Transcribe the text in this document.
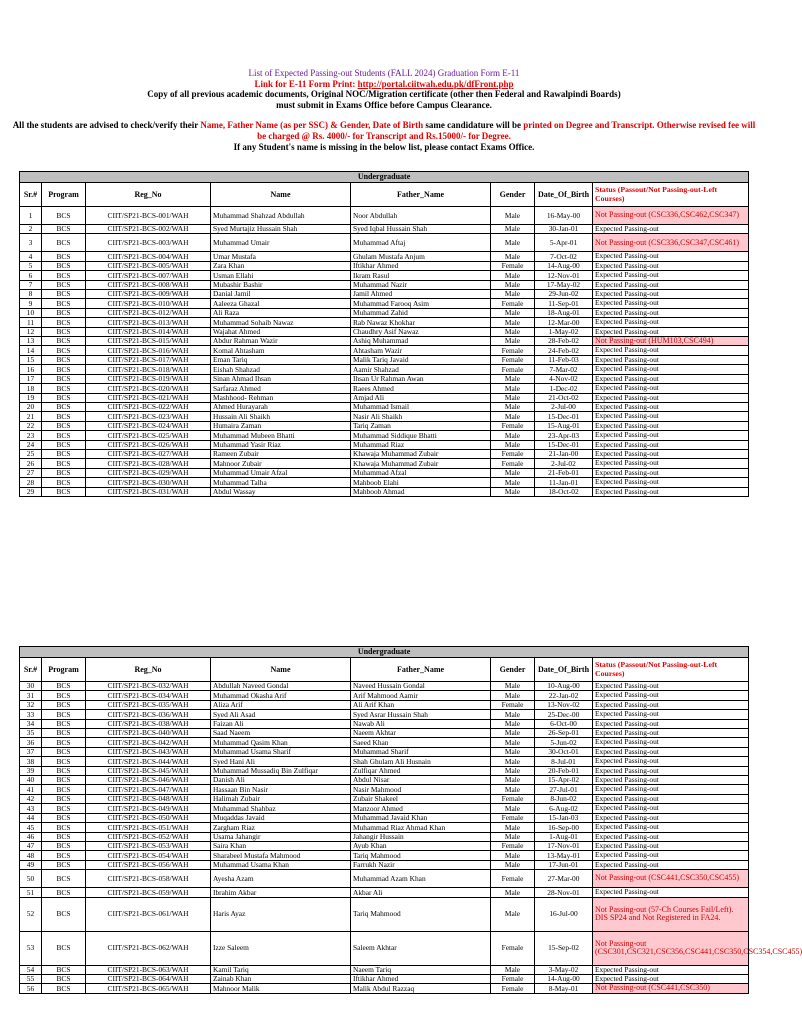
List of Expected Passing-out Students (FALL 2024) Graduation Form E-11
Link for E-11 Form Print: http://portal.ciitwah.edu.pk/dfFront.php
Copy of all previous academic documents, Original NOC/Migration certificate (other then Federal and Rawalpindi Boards)
must submit in Exams Office before Campus Clearance.
All the students are advised to check/verify their Name, Father Name (as per SSC) & Gender, Date of Birth same candidature will be printed on Degree and Transcript. Otherwise revised fee will be charged @ Rs. 4000/- for Transcript and Rs.15000/- for Degree.
If any Student's name is missing in the below list, please contact Exams Office.
Undergraduate							
Sr.#	Program	Reg_No	Name	Father_Name	Gender	Date_Of_Birth	Status (Passout/Not Passing-out-Left Courses)
1	BCS	CIIT/SP21-BCS-001/WAH	Muhammad Shahzad Abdullah	Noor Abdullah	Male	16-May-00	Not Passing-out (CSC336,CSC462,CSC347)
2	BCS	CIIT/SP21-BCS-002/WAH	Syed Murtajiz Hussain Shah	Syed Iqbal Hussain Shah	Male	30-Jan-01	Expected Passing-out
3	BCS	CIIT/SP21-BCS-003/WAH	Muhammad Umair	Muhammad Aftaj	Male	5-Apr-01	Not Passing-out (CSC336,CSC347,CSC461)
4	BCS	CIIT/SP21-BCS-004/WAH	Umar Mustafa	Ghulam Mustafa Anjum	Male	7-Oct-02	Expected Passing-out
5	BCS	CIIT/SP21-BCS-005/WAH	Zara Khan	Iftikhar Ahmed	Female	14-Aug-00	Expected Passing-out
6	BCS	CIIT/SP21-BCS-007/WAH	Usman Ellahi	Ikram Rasul	Male	12-Nov-01	Expected Passing-out
7	BCS	CIIT/SP21-BCS-008/WAH	Mubashir Bashir	Muhammad Nazir	Male	17-May-02	Expected Passing-out
8	BCS	CIIT/SP21-BCS-009/WAH	Danial Jamil	Jamil Ahmed	Male	29-Jun-02	Expected Passing-out
9	BCS	CIIT/SP21-BCS-010/WAH	Aaleeza Ghazal	Muhammad Farooq Asim	Female	11-Sep-01	Expected Passing-out
10	BCS	CIIT/SP21-BCS-012/WAH	Ali Raza	Muhammad Zahid	Male	18-Aug-01	Expected Passing-out
11	BCS	CIIT/SP21-BCS-013/WAH	Muhammad Sohaib Nawaz	Rab Nawaz Khokhar	Male	12-Mar-00	Expected Passing-out
12	BCS	CIIT/SP21-BCS-014/WAH	Wajahat Ahmed	Chaudhry Asif Nawaz	Male	1-May-02	Expected Passing-out
13	BCS	CIIT/SP21-BCS-015/WAH	Abdur Rahman Wazir	Ashiq Muhammad	Male	28-Feb-02	Not Passing-out (HUM103,CSC494)
14	BCS	CIIT/SP21-BCS-016/WAH	Komal Ahtasham	Ahtasham Wazir	Female	24-Feb-02	Expected Passing-out
15	BCS	CIIT/SP21-BCS-017/WAH	Eman Tariq	Malik Tariq Javaid	Female	11-Feb-03	Expected Passing-out
16	BCS	CIIT/SP21-BCS-018/WAH	Eishah Shahzad	Aamir Shahzad	Female	7-Mar-02	Expected Passing-out
17	BCS	CIIT/SP21-BCS-019/WAH	Sinan Ahmad Ihsan	Ihsan Ur Rahman Awan	Male	4-Nov-02	Expected Passing-out
18	BCS	CIIT/SP21-BCS-020/WAH	Sarfaraz Ahmed	Raees Ahmed	Male	1-Dec-02	Expected Passing-out
19	BCS	CIIT/SP21-BCS-021/WAH	Mashhood- Rehman	Amjad Ali	Male	21-Oct-02	Expected Passing-out
20	BCS	CIIT/SP21-BCS-022/WAH	Ahmed Hurayarah	Muhammad Ismail	Male	2-Jul-00	Expected Passing-out
21	BCS	CIIT/SP21-BCS-023/WAH	Hussain Ali Shaikh	Nasir Ali Shaikh	Male	15-Dec-01	Expected Passing-out
22	BCS	CIIT/SP21-BCS-024/WAH	Humaira Zaman	Tariq Zaman	Female	15-Aug-01	Expected Passing-out
23	BCS	CIIT/SP21-BCS-025/WAH	Muhammad Mubeen Bhatti	Muhammad Siddique Bhatti	Male	23-Apr-03	Expected Passing-out
24	BCS	CIIT/SP21-BCS-026/WAH	Muhammad Yasir Riaz	Muhammad Riaz	Male	15-Dec-01	Expected Passing-out
25	BCS	CIIT/SP21-BCS-027/WAH	Rameen Zubair	Khawaja Muhammad Zubair	Female	21-Jan-00	Expected Passing-out
26	BCS	CIIT/SP21-BCS-028/WAH	Mahnoor Zubair	Khawaja Muhammad Zubair	Female	2-Jul-02	Expected Passing-out
27	BCS	CIIT/SP21-BCS-029/WAH	Muhammad Umair Afzal	Muhammad Afzal	Male	21-Feb-01	Expected Passing-out
28	BCS	CIIT/SP21-BCS-030/WAH	Muhammad Talha	Mahboob Elahi	Male	11-Jan-01	Expected Passing-out
29	BCS	CIIT/SP21-BCS-031/WAH	Abdul Wassay	Mahboob Ahmad	Male	18-Oct-02	Expected Passing-out
Undergraduate							
Sr.#	Program	Reg_No	Name	Father_Name	Gender	Date_Of_Birth	Status (Passout/Not Passing-out-Left Courses)
30	BCS	CIIT/SP21-BCS-032/WAH	Abdullah Naveed Gondal	Naveed Hussain Gondal	Male	10-Aug-00	Expected Passing-out
31	BCS	CIIT/SP21-BCS-034/WAH	Muhammad Okasha Arif	Arif Mahmood Aamir	Male	22-Jan-02	Expected Passing-out
32	BCS	CIIT/SP21-BCS-035/WAH	Aliza Arif	Ali Arif Khan	Female	13-Nov-02	Expected Passing-out
33	BCS	CIIT/SP21-BCS-036/WAH	Syed Ali Asad	Syed Asrar Hussain Shah	Male	25-Dec-00	Expected Passing-out
34	BCS	CIIT/SP21-BCS-038/WAH	Faizan Ali	Nawab Ali	Male	6-Oct-00	Expected Passing-out
35	BCS	CIIT/SP21-BCS-040/WAH	Saad Naeem	Naeem Akhtar	Male	26-Sep-01	Expected Passing-out
36	BCS	CIIT/SP21-BCS-042/WAH	Muhammad Qasim Khan	Saeed Khan	Male	5-Jun-02	Expected Passing-out
37	BCS	CIIT/SP21-BCS-043/WAH	Muhammad Usama Sharif	Muhammad Sharif	Male	30-Oct-01	Expected Passing-out
38	BCS	CIIT/SP21-BCS-044/WAH	Syed Hani Ali	Shah Ghulam Ali Husnain	Male	8-Jul-01	Expected Passing-out
39	BCS	CIIT/SP21-BCS-045/WAH	Muhammad Mussadiq Bin Zulfiqar	Zulfiqar Ahmed	Male	20-Feb-01	Expected Passing-out
40	BCS	CIIT/SP21-BCS-046/WAH	Danish Ali	Abdul Nisar	Male	15-Apr-02	Expected Passing-out
41	BCS	CIIT/SP21-BCS-047/WAH	Hassaan Bin Nasir	Nasir Mahmood	Male	27-Jul-01	Expected Passing-out
42	BCS	CIIT/SP21-BCS-048/WAH	Halimah Zubair	Zubair Shakeel	Female	8-Jun-02	Expected Passing-out
43	BCS	CIIT/SP21-BCS-049/WAH	Muhammad Shahbaz	Manzoor Ahmed	Male	6-Aug-02	Expected Passing-out
44	BCS	CIIT/SP21-BCS-050/WAH	Muqaddas Javaid	Muhammad Javaid Khan	Female	15-Jan-03	Expected Passing-out
45	BCS	CIIT/SP21-BCS-051/WAH	Zargham Riaz	Muhammad Riaz Ahmad Khan	Male	16-Sep-00	Expected Passing-out
46	BCS	CIIT/SP21-BCS-052/WAH	Usama Jahangir	Jahangir Hussain	Male	1-Aug-01	Expected Passing-out
47	BCS	CIIT/SP21-BCS-053/WAH	Saira Khan	Ayub Khan	Female	17-Nov-01	Expected Passing-out
48	BCS	CIIT/SP21-BCS-054/WAH	Sharabeel Mustafa Mahmood	Tariq Mahmood	Male	13-May-01	Expected Passing-out
49	BCS	CIIT/SP21-BCS-056/WAH	Muhammad Usama Khan	Farrukh Nazir	Male	17-Jun-01	Expected Passing-out
50	BCS	CIIT/SP21-BCS-058/WAH	Ayesha Azam	Muhammad Azam Khan	Female	27-Mar-00	Not Passing-out (CSC441,CSC350,CSC455)
51	BCS	CIIT/SP21-BCS-059/WAH	Ibrahim Akbar	Akbar Ali	Male	28-Nov-01	Expected Passing-out
52	BCS	CIIT/SP21-BCS-061/WAH	Haris Ayaz	Tariq Mahmood	Male	16-Jul-00	Not Passing-out (57-Ch Courses Fail/Left). DIS SP24 and Not Registered in FA24.
53	BCS	CIIT/SP21-BCS-062/WAH	Izze Saleem	Saleem Akhtar	Female	15-Sep-02	Not Passing-out (CSC301,CSC321,CSC356,CSC441,CSC350,CSC354,CSC455)
54	BCS	CIIT/SP21-BCS-063/WAH	Kamil Tariq	Naeem Tariq	Male	3-May-02	Expected Passing-out
55	BCS	CIIT/SP21-BCS-064/WAH	Zainab Khan	Iftikhar Ahmed	Female	14-Aug-00	Expected Passing-out
56	BCS	CIIT/SP21-BCS-065/WAH	Mahnoor Malik	Malik Abdul Razzaq	Female	8-May-01	Not Passing-out (CSC441,CSC350)
